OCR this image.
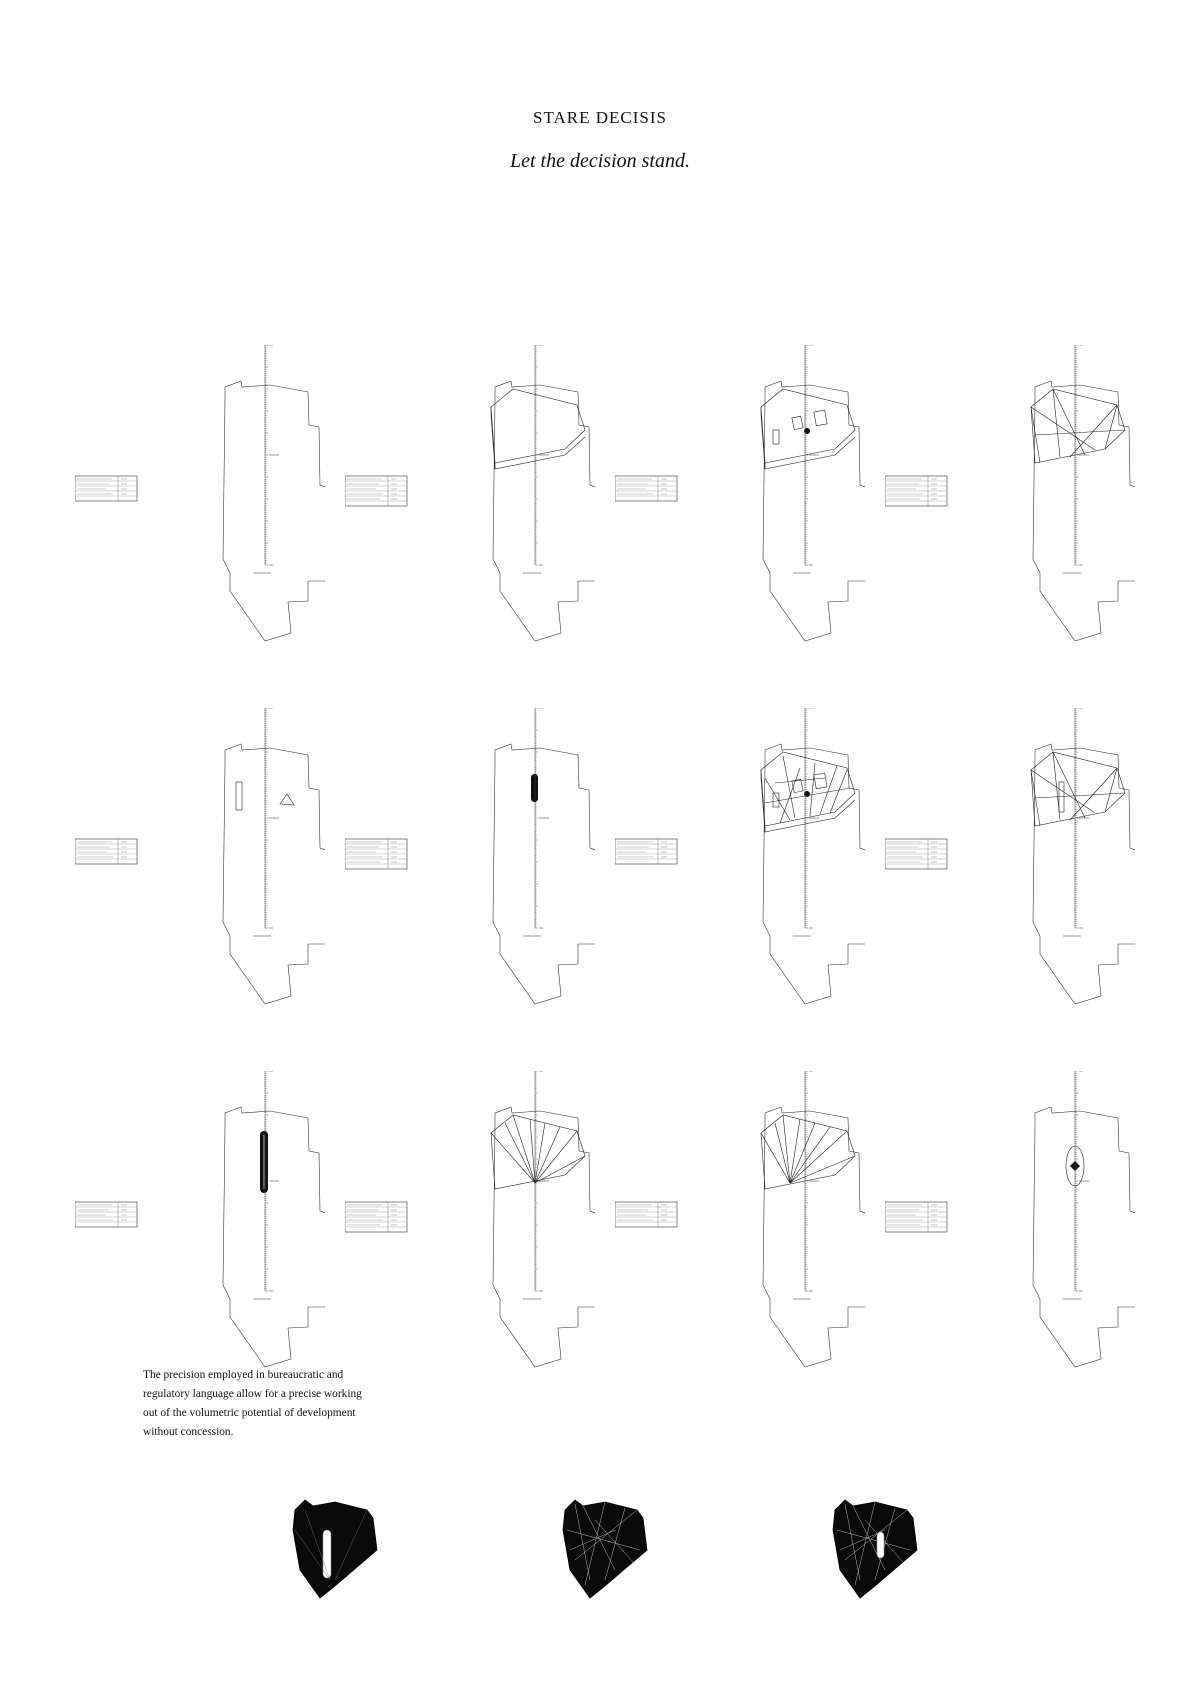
STARE DECISIS
Let the decision stand.
The precision employed in bureaucratic and regulatory language allow for a precise working out of the volumetric potential of development without concession.
